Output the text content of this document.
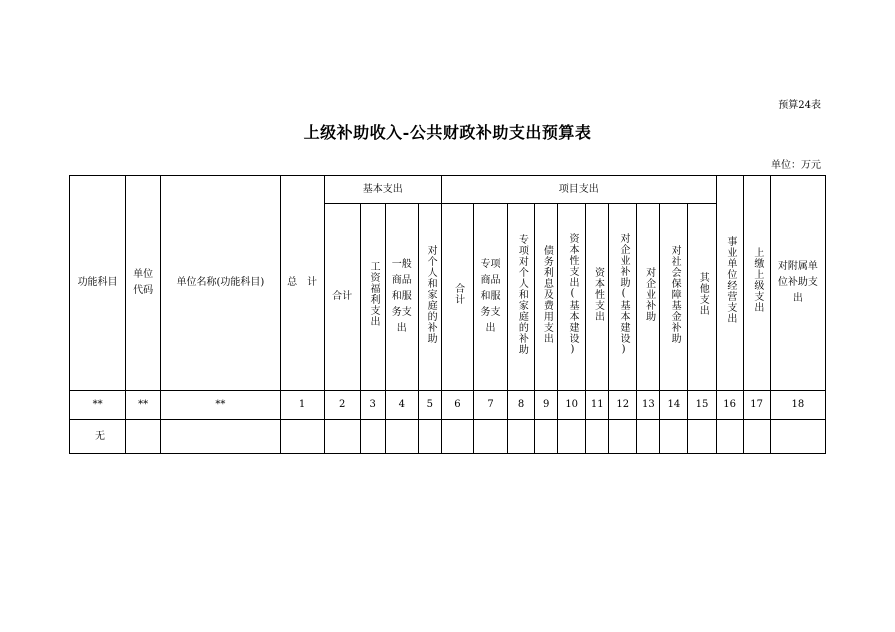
预算24表
上级补助收入-公共财政补助支出预算表
单位：万元
功能科目	单位代码	单位名称(功能科目)	总　计	基本支出				项目支出										事业单位经营支出	上缴上级支出	对附属单位补助支出
				合计	工资福利支出	一般商品和服务支出	对个人和家庭的补助	合计	专项商品和服务支出	专项对个人和家庭的补助	债务利息及费用支出	资本性支出(基本建设)	资本性支出	对企业补助(基本建设)	对企业补助	对社会保障基金补助	其他支出			
**	**	**	1	2	3	4	5	6	7	8	9	10	11	12	13	14	15	16	17	18
无																				
